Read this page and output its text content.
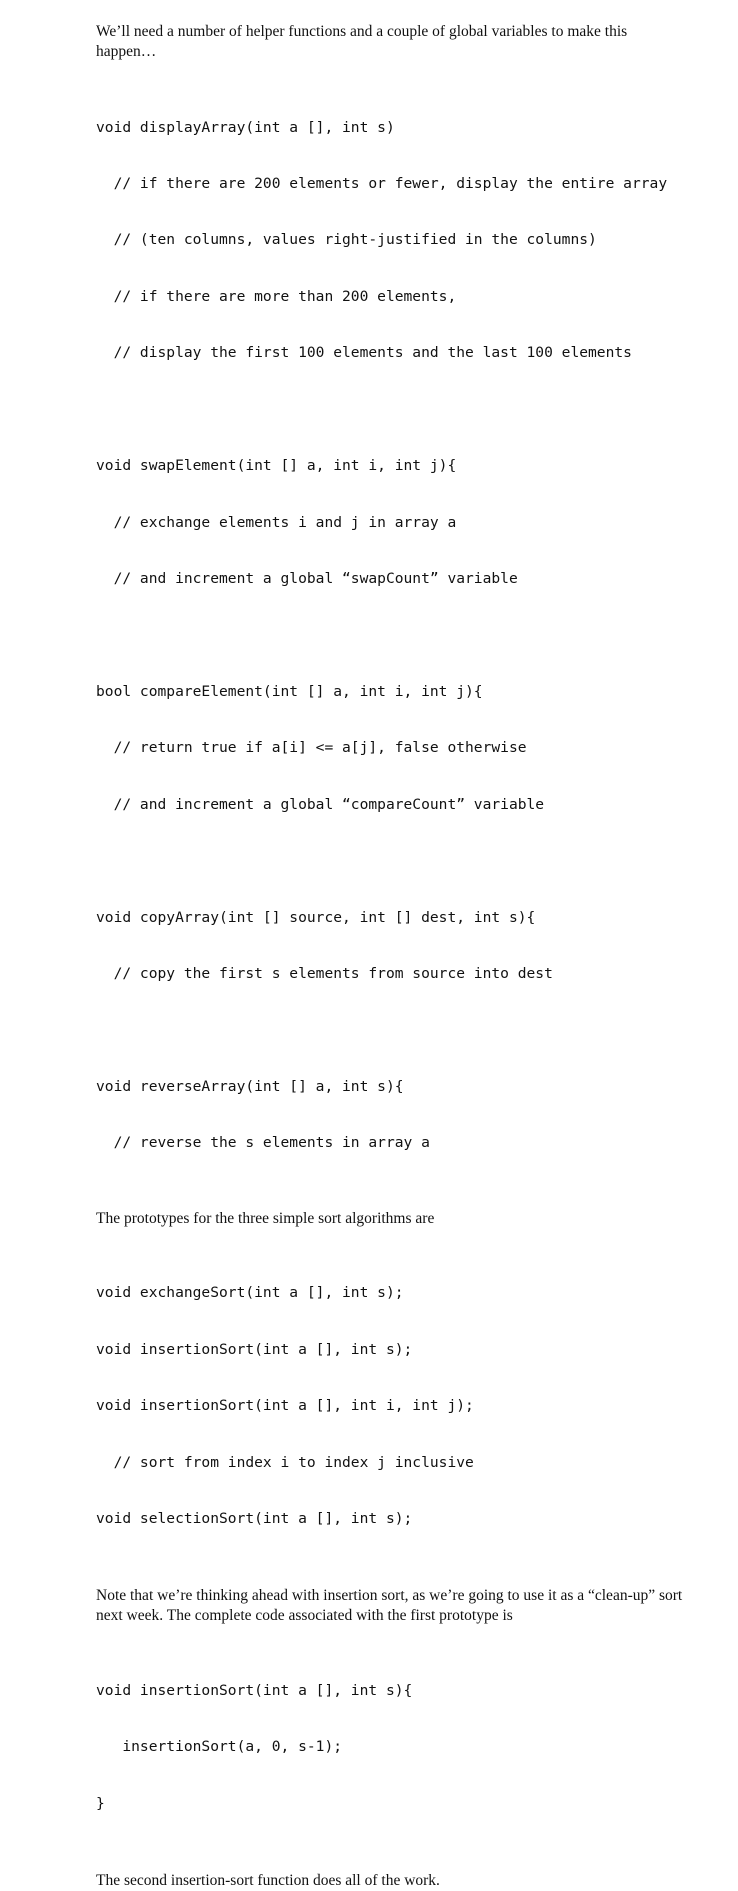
We’ll need a number of helper functions and a couple of global variables to make this happen…

void displayArray(int a [], int s)

// if there are 200 elements or fewer, display the entire array

// (ten columns, values right-justified in the columns)

// if there are more than 200 elements,

// display the first 100 elements and the last 100 elements

void swapElement(int [] a, int i, int j){

// exchange elements i and j in array a

// and increment a global “swapCount” variable

bool compareElement(int [] a, int i, int j){

// return true if a[i] <= a[j], false otherwise

// and increment a global “compareCount” variable

void copyArray(int [] source, int [] dest, int s){

// copy the first s elements from source into dest

void reverseArray(int [] a, int s){

// reverse the s elements in array a

The prototypes for the three simple sort algorithms are

void exchangeSort(int a [], int s);

void insertionSort(int a [], int s);

void insertionSort(int a [], int i, int j);

// sort from index i to index j inclusive

void selectionSort(int a [], int s);

Note that we’re thinking ahead with insertion sort, as we’re going to use it as a “clean-up” sort next week. The complete code associated with the first prototype is

void insertionSort(int a [], int s){

insertionSort(a, 0, s-1);

}

The second insertion-sort function does all of the work.
